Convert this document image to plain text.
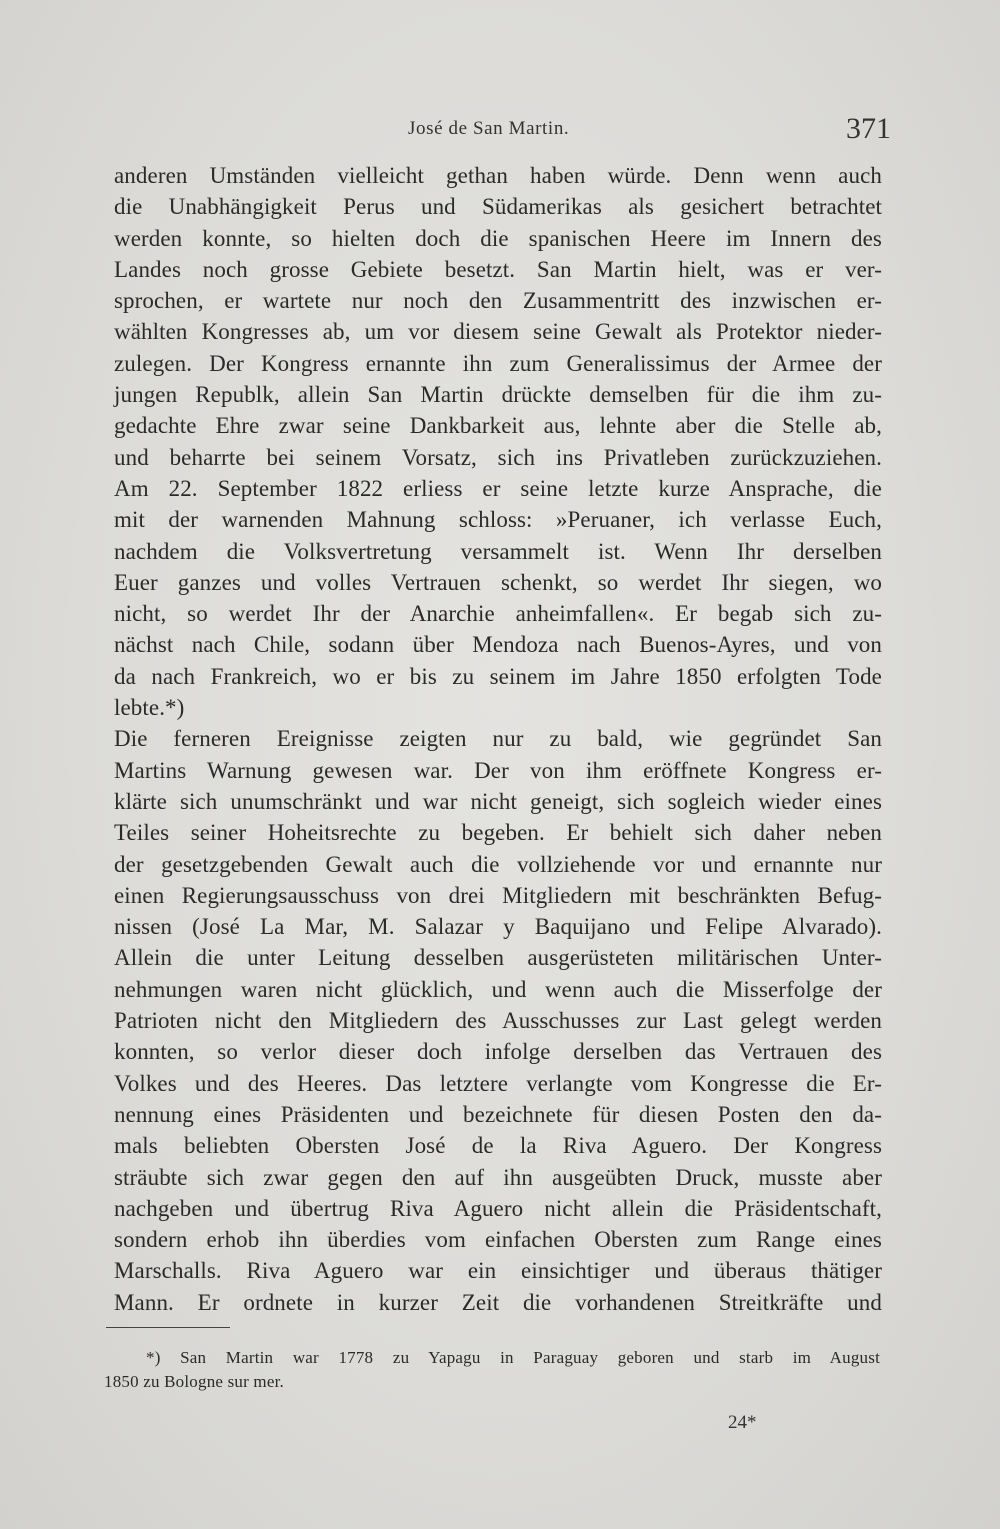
José de San Martin.	371
anderen Umständen vielleicht gethan haben würde. Denn wenn auch
die Unabhängigkeit Perus und Südamerikas als gesichert betrachtet
werden konnte, so hielten doch die spanischen Heere im Innern des
Landes noch grosse Gebiete besetzt. San Martin hielt, was er ver-
sprochen, er wartete nur noch den Zusammentritt des inzwischen er-
wählten Kongresses ab, um vor diesem seine Gewalt als Protektor nieder-
zulegen. Der Kongress ernannte ihn zum Generalissimus der Armee der
jungen Republk, allein San Martin drückte demselben für die ihm zu-
gedachte Ehre zwar seine Dankbarkeit aus, lehnte aber die Stelle ab,
und beharrte bei seinem Vorsatz, sich ins Privatleben zurückzuziehen.
Am 22. September 1822 erliess er seine letzte kurze Ansprache, die
mit der warnenden Mahnung schloss: »Peruaner, ich verlasse Euch,
nachdem die Volksvertretung versammelt ist. Wenn Ihr derselben
Euer ganzes und volles Vertrauen schenkt, so werdet Ihr siegen, wo
nicht, so werdet Ihr der Anarchie anheimfallen«. Er begab sich zu-
nächst nach Chile, sodann über Mendoza nach Buenos-Ayres, und von
da nach Frankreich, wo er bis zu seinem im Jahre 1850 erfolgten Tode
lebte.*)
Die ferneren Ereignisse zeigten nur zu bald, wie gegründet San
Martins Warnung gewesen war. Der von ihm eröffnete Kongress er-
klärte sich unumschränkt und war nicht geneigt, sich sogleich wieder eines
Teiles seiner Hoheitsrechte zu begeben. Er behielt sich daher neben
der gesetzgebenden Gewalt auch die vollziehende vor und ernannte nur
einen Regierungsausschuss von drei Mitgliedern mit beschränkten Befug-
nissen (José La Mar, M. Salazar y Baquijano und Felipe Alvarado).
Allein die unter Leitung desselben ausgerüsteten militärischen Unter-
nehmungen waren nicht glücklich, und wenn auch die Misserfolge der
Patrioten nicht den Mitgliedern des Ausschusses zur Last gelegt werden
konnten, so verlor dieser doch infolge derselben das Vertrauen des
Volkes und des Heeres. Das letztere verlangte vom Kongresse die Er-
nennung eines Präsidenten und bezeichnete für diesen Posten den da-
mals beliebten Obersten José de la Riva Aguero. Der Kongress
sträubte sich zwar gegen den auf ihn ausgeübten Druck, musste aber
nachgeben und übertrug Riva Aguero nicht allein die Präsidentschaft,
sondern erhob ihn überdies vom einfachen Obersten zum Range eines
Marschalls. Riva Aguero war ein einsichtiger und überaus thätiger
Mann. Er ordnete in kurzer Zeit die vorhandenen Streitkräfte und
*) San Martin war 1778 zu Yapagu in Paraguay geboren und starb im August
1850 zu Bologne sur mer.
24*
